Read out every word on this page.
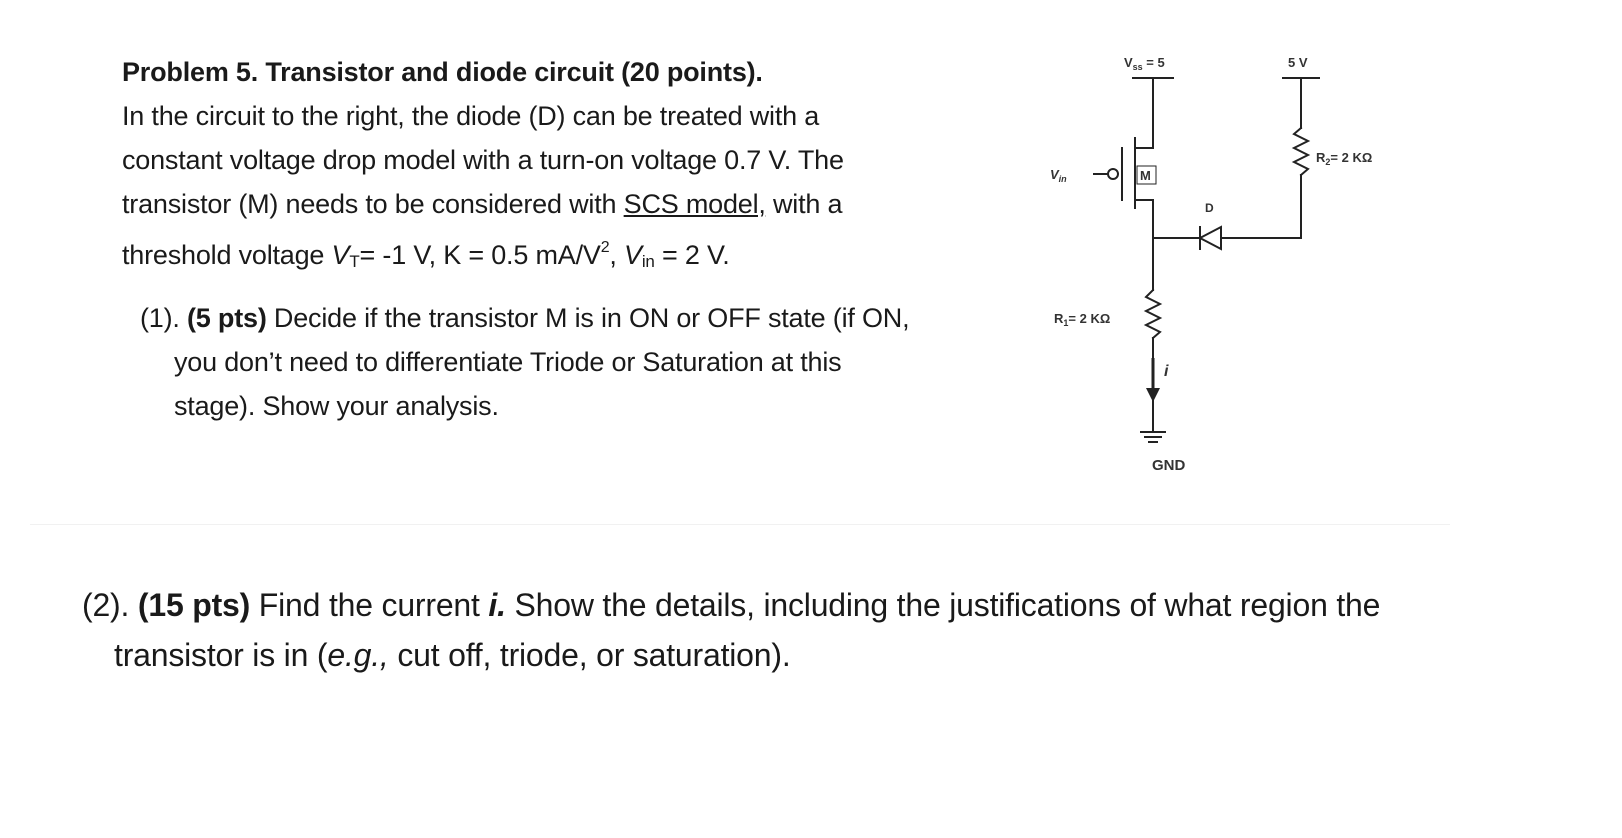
Problem 5. Transistor and diode circuit (20 points).
In the circuit to the right, the diode (D) can be treated with a
constant voltage drop model with a turn-on voltage 0.7 V. The
transistor (M) needs to be considered with SCS model, with a
threshold voltage VT= -1 V, K = 0.5 $mA/V^2$, Vin = 2 V.
(1). (5 pts) Decide if the transistor M is in ON or OFF state (if ON,
you don’t need to differentiate Triode or Saturation at this
stage). Show your analysis.
(2). (15 pts) Find the current i. Show the details, including the justifications of what region the
transistor is in (e.g., cut off, triode, or saturation).
$V_{ss} = 5$	5 V
$V_{in}$	M
$R_2= 2$ KΩ
D
$R_1= 2$ KΩ
i
GND
